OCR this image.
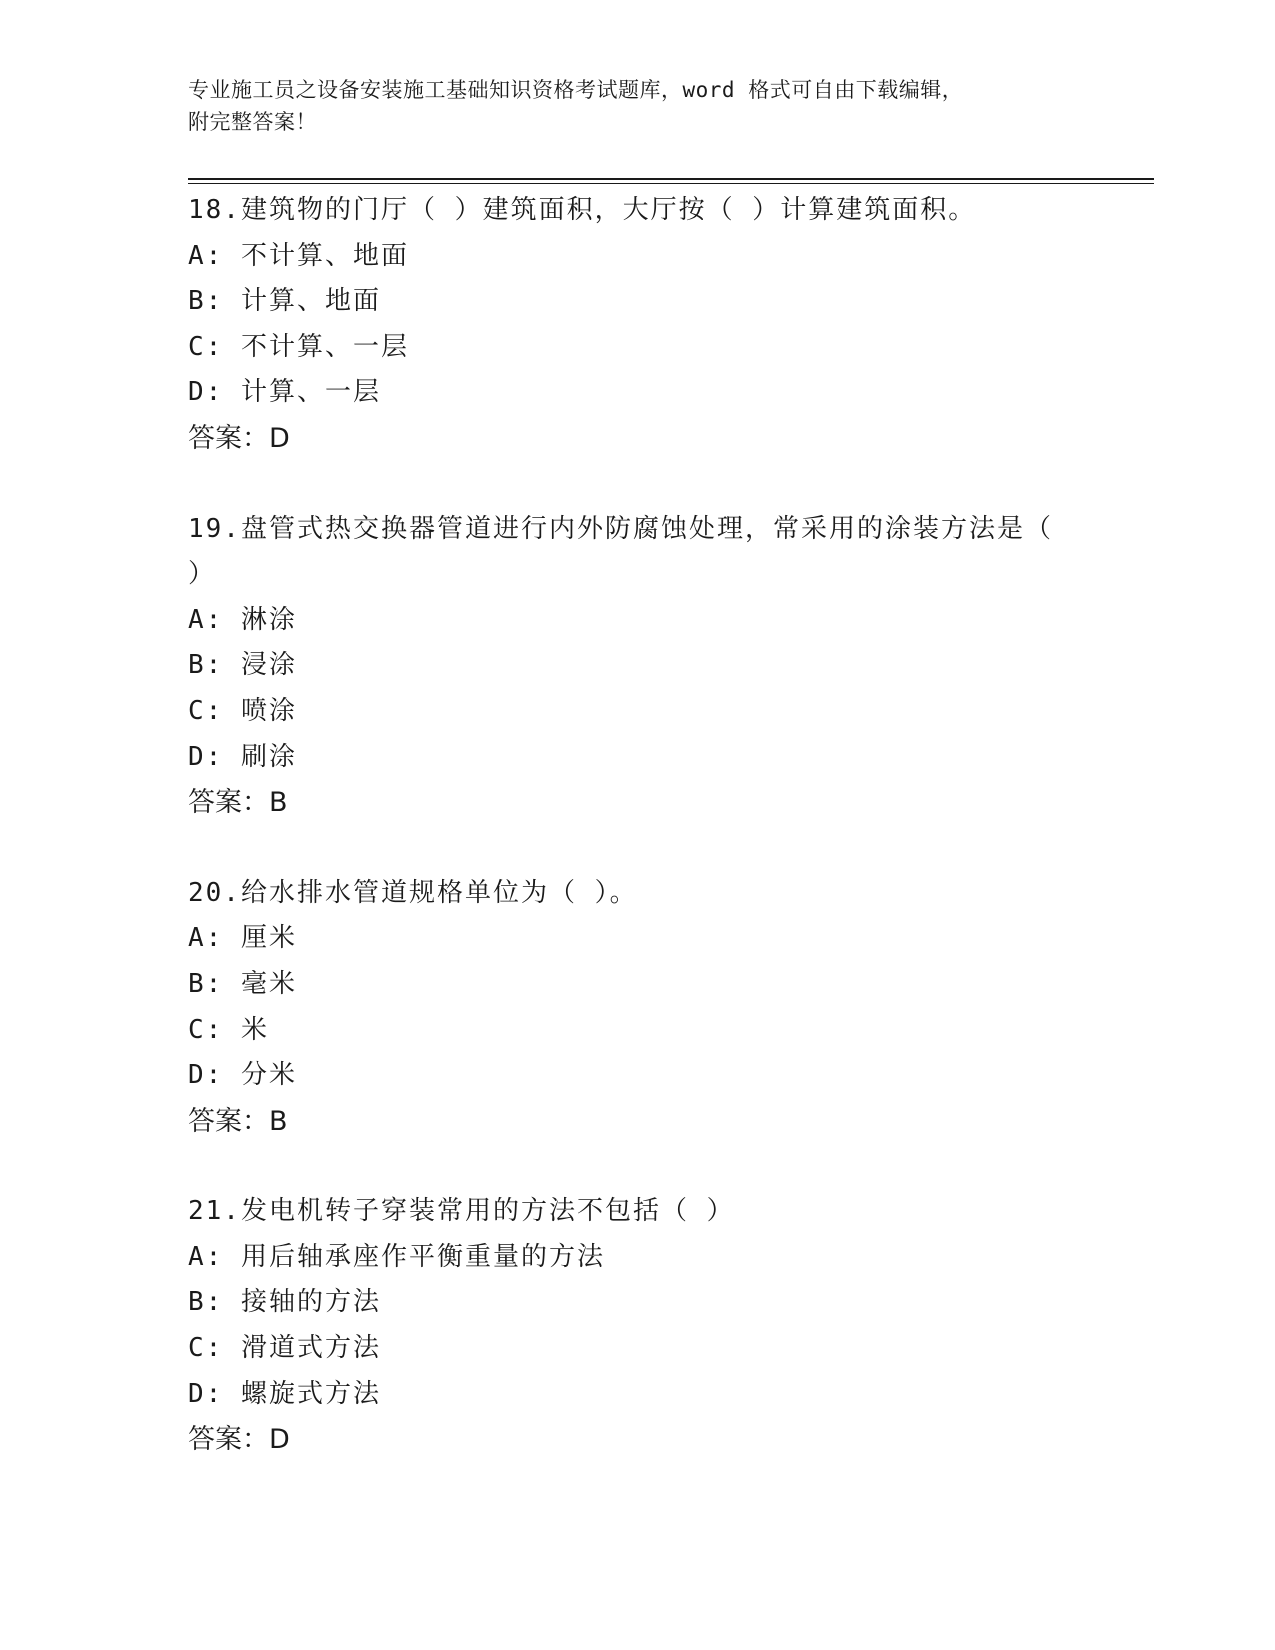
专业施工员之设备安装施工基础知识资格考试题库，word 格式可自由下载编辑，
附完整答案！
18.建筑物的门厅（ ）建筑面积，大厅按（ ）计算建筑面积。
A: 不计算、地面
B: 计算、地面
C: 不计算、一层
D: 计算、一层
答案：D
19.盘管式热交换器管道进行内外防腐蚀处理，常采用的涂装方法是（
）
A: 淋涂
B: 浸涂
C: 喷涂
D: 刷涂
答案：B
20.给水排水管道规格单位为（ ）。
A: 厘米
B: 毫米
C: 米
D: 分米
答案：B
21.发电机转子穿装常用的方法不包括（ ）
A: 用后轴承座作平衡重量的方法
B: 接轴的方法
C: 滑道式方法
D: 螺旋式方法
答案：D
